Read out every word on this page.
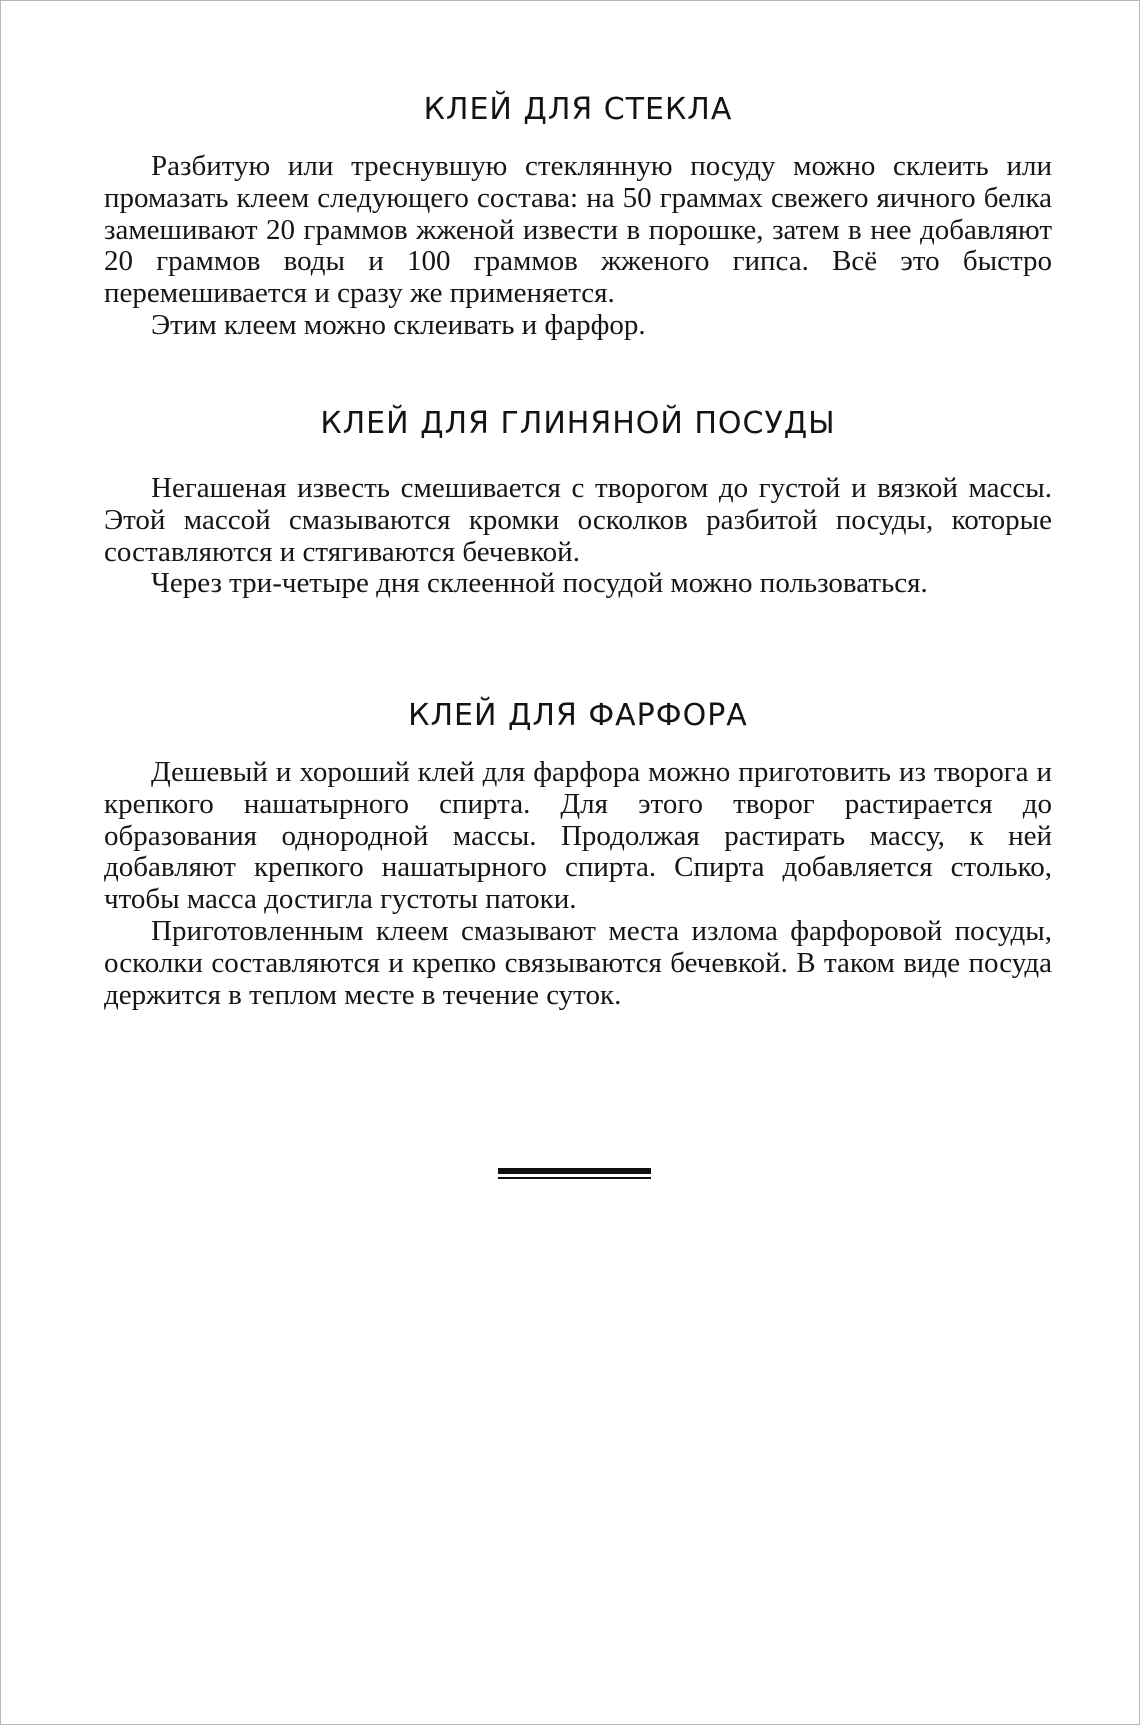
КЛЕЙ ДЛЯ СТЕКЛА

Разбитую или треснувшую стеклянную посуду можно склеить или промазать клеем следующего состава: на 50 граммах свежего яичного белка замешивают 20 граммов жженой извести в порошке, затем в нее добавляют 20 граммов воды и 100 граммов жженого гипса. Всё это быстро перемешивается и сразу же применяется.

Этим клеем можно склеивать и фарфор.

КЛЕЙ ДЛЯ ГЛИНЯНОЙ ПОСУДЫ

Негашеная известь смешивается с творогом до густой и вязкой массы. Этой массой смазываются кромки осколков разбитой посуды, которые составляются и стягиваются бечевкой.

Через три-четыре дня склеенной посудой можно пользоваться.

КЛЕЙ ДЛЯ ФАРФОРА

Дешевый и хороший клей для фарфора можно приготовить из творога и крепкого нашатырного спирта. Для этого творог растирается до образования однородной массы. Продолжая растирать массу, к ней добавляют крепкого нашатырного спирта. Спирта добавляется столько, чтобы масса достигла густоты патоки.

Приготовленным клеем смазывают места излома фарфоровой посуды, осколки составляются и крепко связываются бечевкой. В таком виде посуда держится в теплом месте в течение суток.
